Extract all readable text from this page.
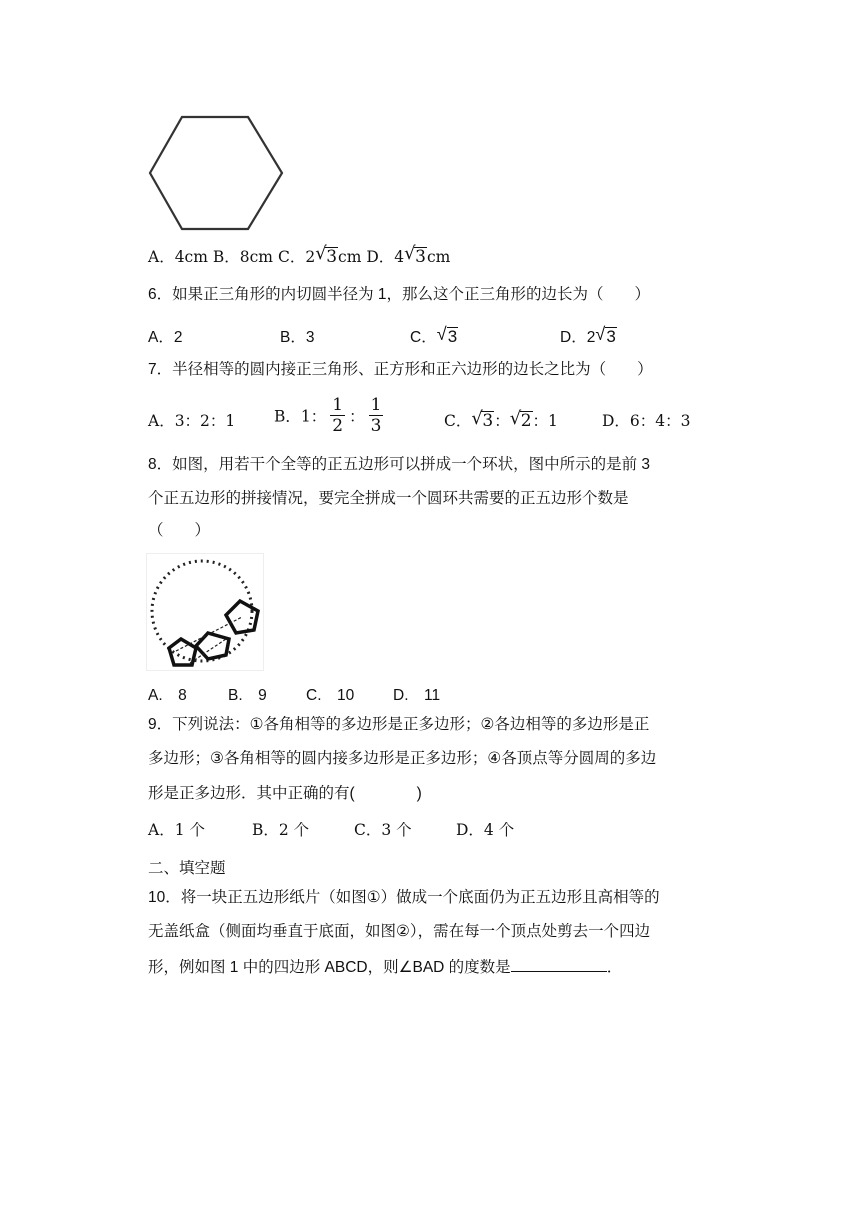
A．4cm B．8cm C．2 √ 3cm D．4 √ 3cm
6．如果正三角形的内切圆半径为 1，那么这个正三角形的边长为（　　）
A．2	B．3	C． √ 3	D．2 √ 3
7．半径相等的圆内接正三角形、正方形和正六边形的边长之比为（　　）
A．3：2：1 B．1： $\frac{1}{2}$ ： $\frac{1}{3}$	C． √ 3： √ 2：1	D．6：4：3
8．如图，用若干个全等的正五边形可以拼成一个环状，图中所示的是前 3
个正五边形的拼接情况，要完全拼成一个圆环共需要的正五边形个数是
（　　）
A.　8	B.　9	C.　10	D.　11
9．下列说法：①各角相等的多边形是正多边形；②各边相等的多边形是正
多边形；③各角相等的圆内接多边形是正多边形；④各顶点等分圆周的多边
形是正多边形．其中正确的有(　　　　)
A．1 个	B．2 个	C．3 个	D．4 个
二、填空题
10．将一块正五边形纸片（如图①）做成一个底面仍为正五边形且高相等的
无盖纸盒（侧面均垂直于底面，如图②），需在每一个顶点处剪去一个四边
形，例如图 1 中的四边形 ABCD，则∠BAD 的度数是	．
